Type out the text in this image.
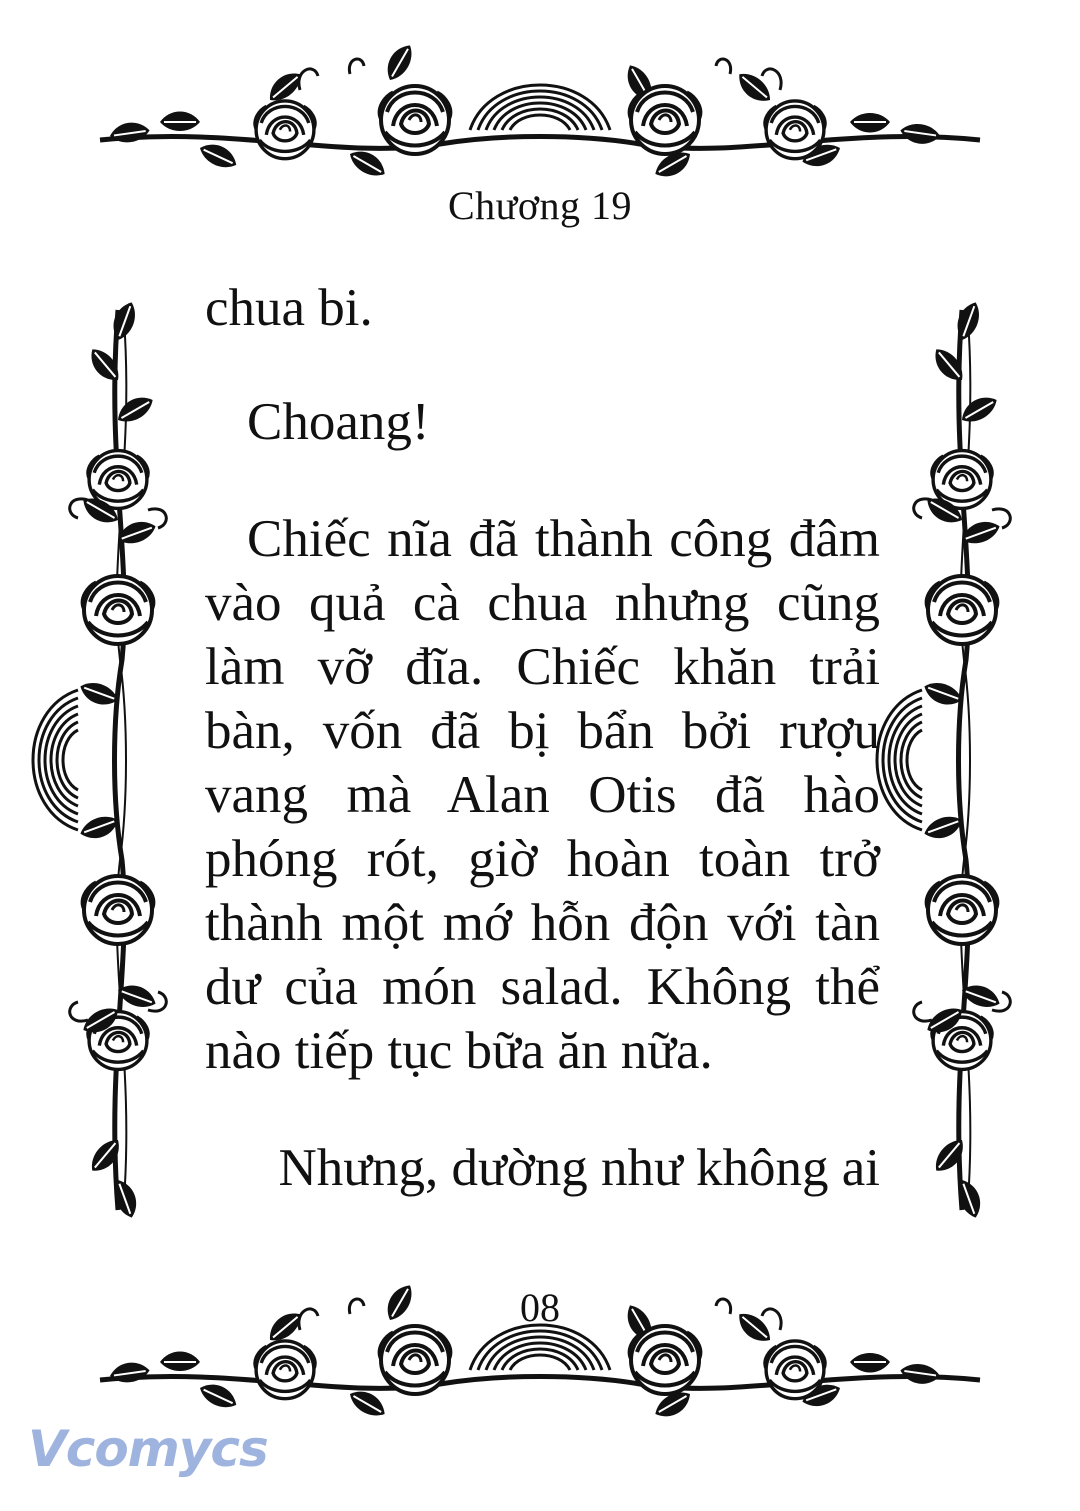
Chương 19

chua bi.

Choang!

Chiếc nĩa đã thành công đâm vào quả cà chua nhưng cũng làm vỡ đĩa. Chiếc khăn trải bàn, vốn đã bị bẩn bởi rượu vang mà Alan Otis đã hào phóng rót, giờ hoàn toàn trở thành một mớ hỗn độn với tàn dư của món salad. Không thể nào tiếp tục bữa ăn nữa.

Nhưng, dường như không ai

08
Vcomycs
